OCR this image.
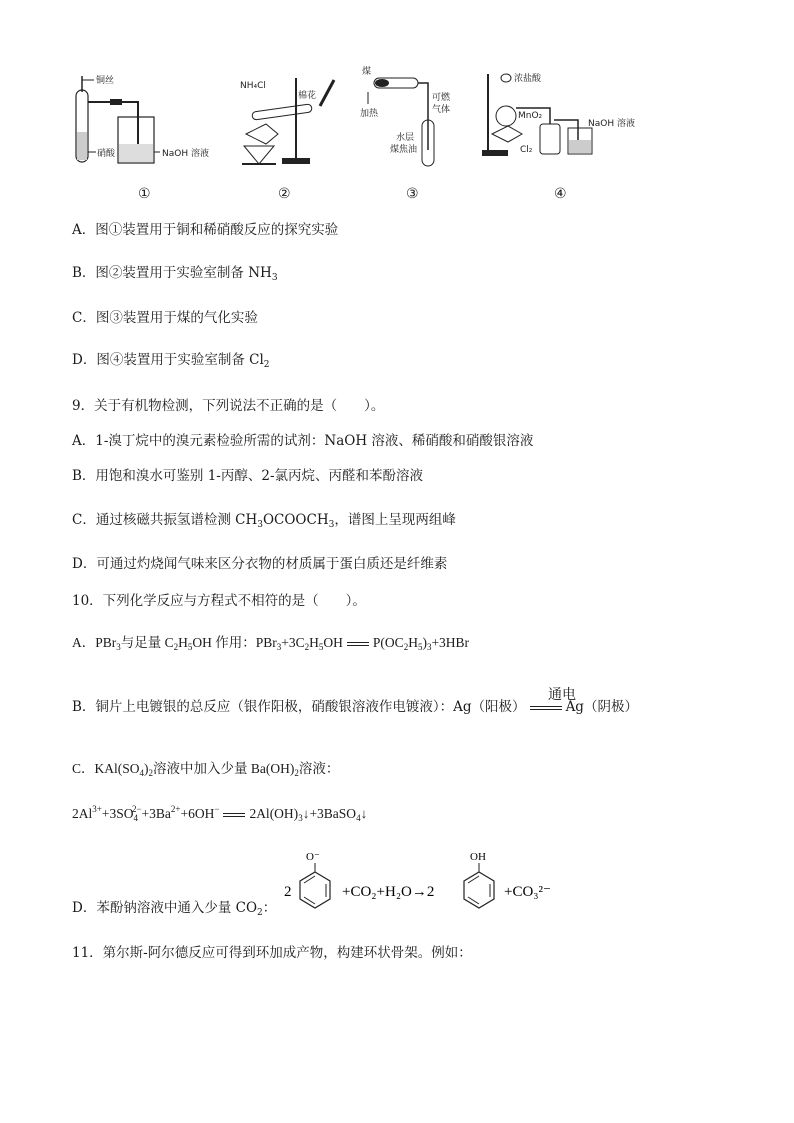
铜丝
硝酸	NaOH 溶液
①
NH₄Cl
棉花
②
煤
加热
可燃
气体
水层
煤焦油
③
浓盐酸
MnO₂
Cl₂
NaOH 溶液
④
A．图①装置用于铜和稀硝酸反应的探究实验
B．图②装置用于实验室制备 $NH_3$
C．图③装置用于煤的气化实验
D．图④装置用于实验室制备 $Cl_2$
9．关于有机物检测，下列说法不正确的是（　　）。
A．1-溴丁烷中的溴元素检验所需的试剂：NaOH 溶液、稀硝酸和硝酸银溶液
B．用饱和溴水可鉴别 1-丙醇、2-氯丙烷、丙醛和苯酚溶液
C．通过核磁共振氢谱检测 $CH_3OCOOCH_3$，谱图上呈现两组峰
D．可通过灼烧闻气味来区分衣物的材质属于蛋白质还是纤维素
10．下列化学反应与方程式不相符的是（　　）。
A．PBr$_3$与足量 $C_2H_5OH$ 作用：$PBr_3+3C_2H_5OH$ $P(OC_2H_5)_3+3HBr$
通电
B．铜片上电镀银的总反应（银作阳极，硝酸银溶液作电镀液）：Ag（阳极）	Ag（阴极）
C．$KAl(SO_4)_2$溶液中加入少量 $Ba(OH)_2$溶液：
$2Al^{3+}+3SO_4^{2-}+3Ba^{2+}+6OH^-$ $2Al(OH)_3↓+3BaSO_4↓$
D．苯酚钠溶液中通入少量 $CO_2$：
2
O⁻
+CO₂+H₂O→2
OH
+CO₃²⁻
11．第尔斯-阿尔德反应可得到环加成产物，构建环状骨架。例如：
